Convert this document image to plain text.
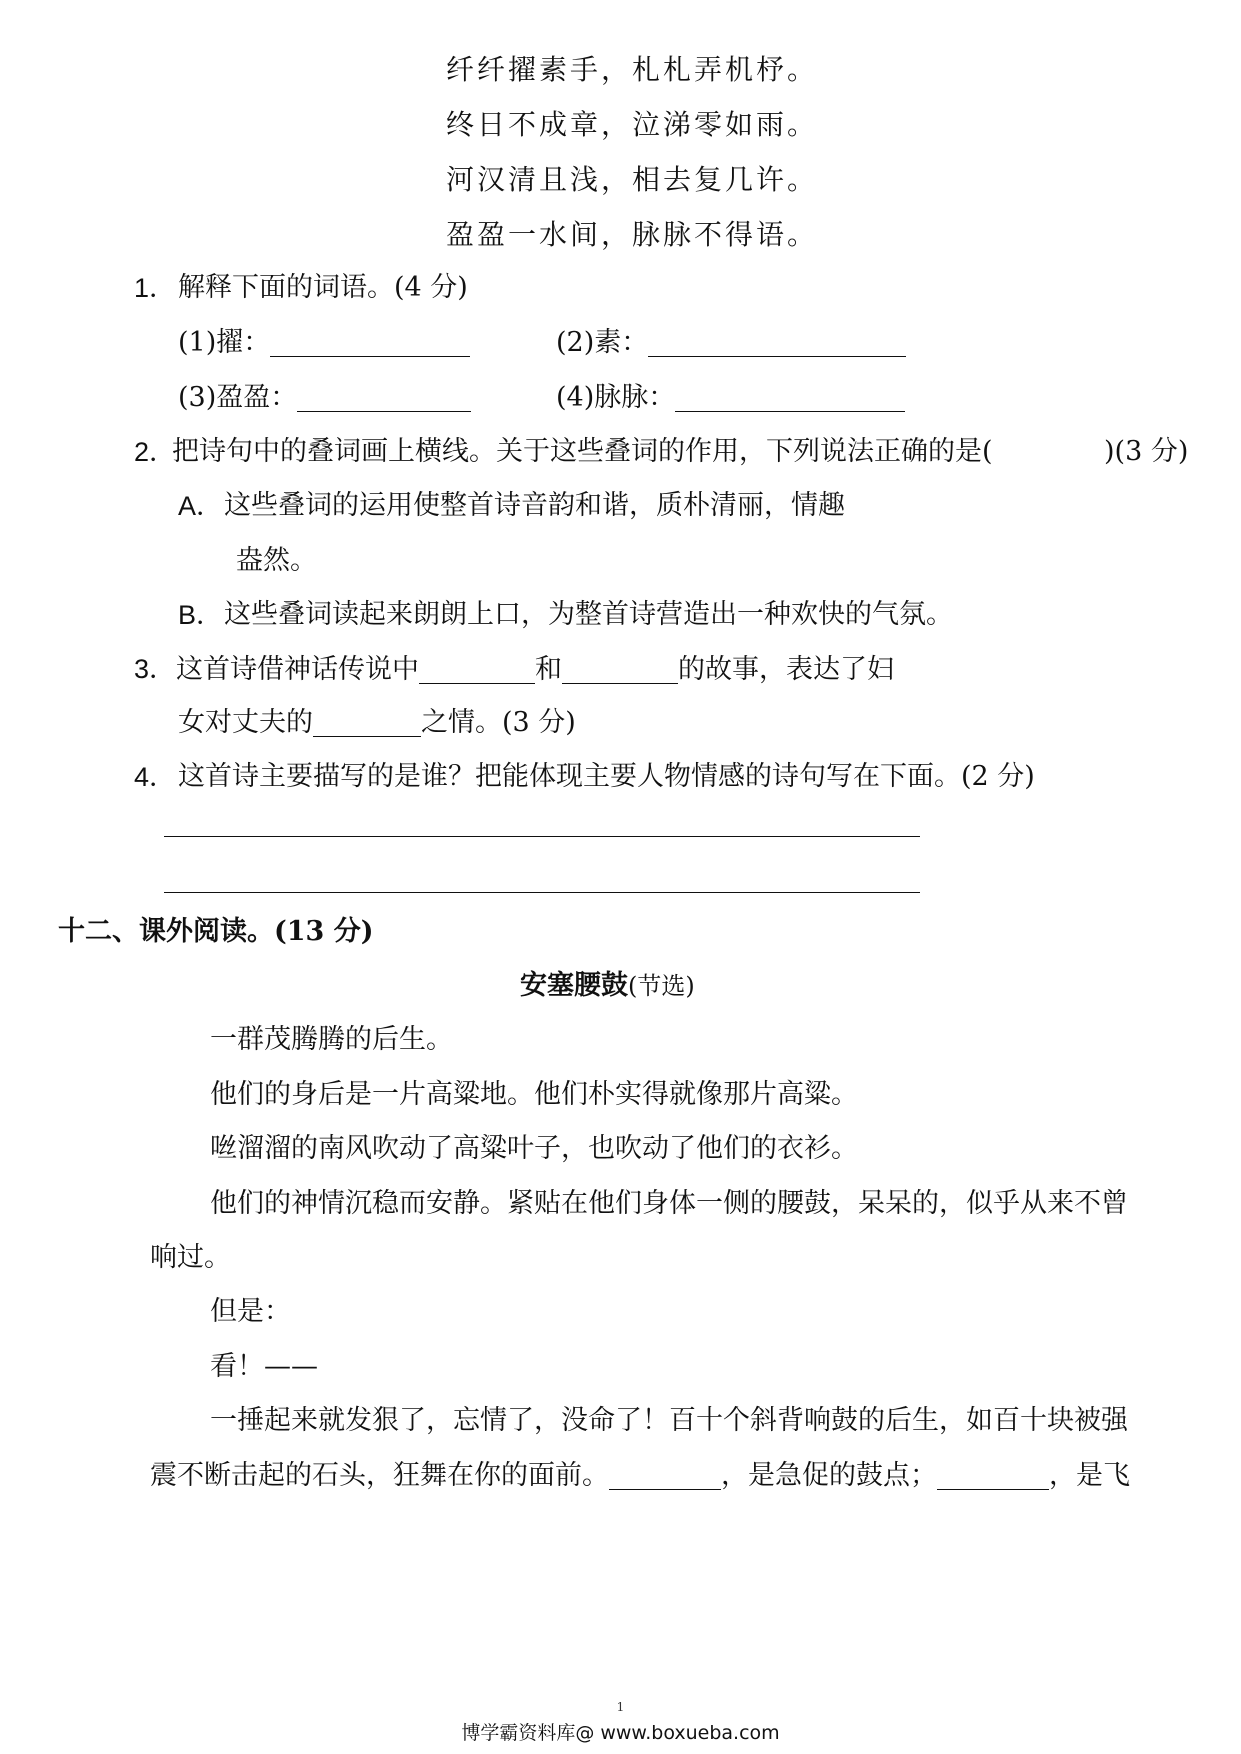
纤纤擢素手，札札弄机杼。
终日不成章，泣涕零如雨。
河汉清且浅，相去复几许。
盈盈一水间，脉脉不得语。
1． 解释下面的词语。(4 分)
(1)擢：	(2)素：
(3)盈盈：	(4)脉脉：
2．
把诗句中的叠词画上横线。关于这些叠词的作用，下列说法正确的是(	)(3 分)
A． 这些叠词的运用使整首诗音韵和谐，质朴清丽，情趣
盎然。
B． 这些叠词读起来朗朗上口，为整首诗营造出一种欢快的气氛。
3．这首诗借神话传说中	和	的故事，表达了妇
女对丈夫的	之情。(3 分)
4． 这首诗主要描写的是谁？把能体现主要人物情感的诗句写在下面。(2 分)
十二、课外阅读。(13 分)
安塞腰鼓(节选)
一群茂腾腾的后生。
他们的身后是一片高粱地。他们朴实得就像那片高粱。
咝溜溜的南风吹动了高粱叶子，也吹动了他们的衣衫。
他们的神情沉稳而安静。紧贴在他们身体一侧的腰鼓，呆呆的，似乎从来不曾
响过。
但是：
看！——
一捶起来就发狠了，忘情了，没命了！百十个斜背响鼓的后生，如百十块被强
震不断击起的石头，狂舞在你的面前。	，是急促的鼓点；	，是飞
1
博学霸资料库@ www.boxueba.com
